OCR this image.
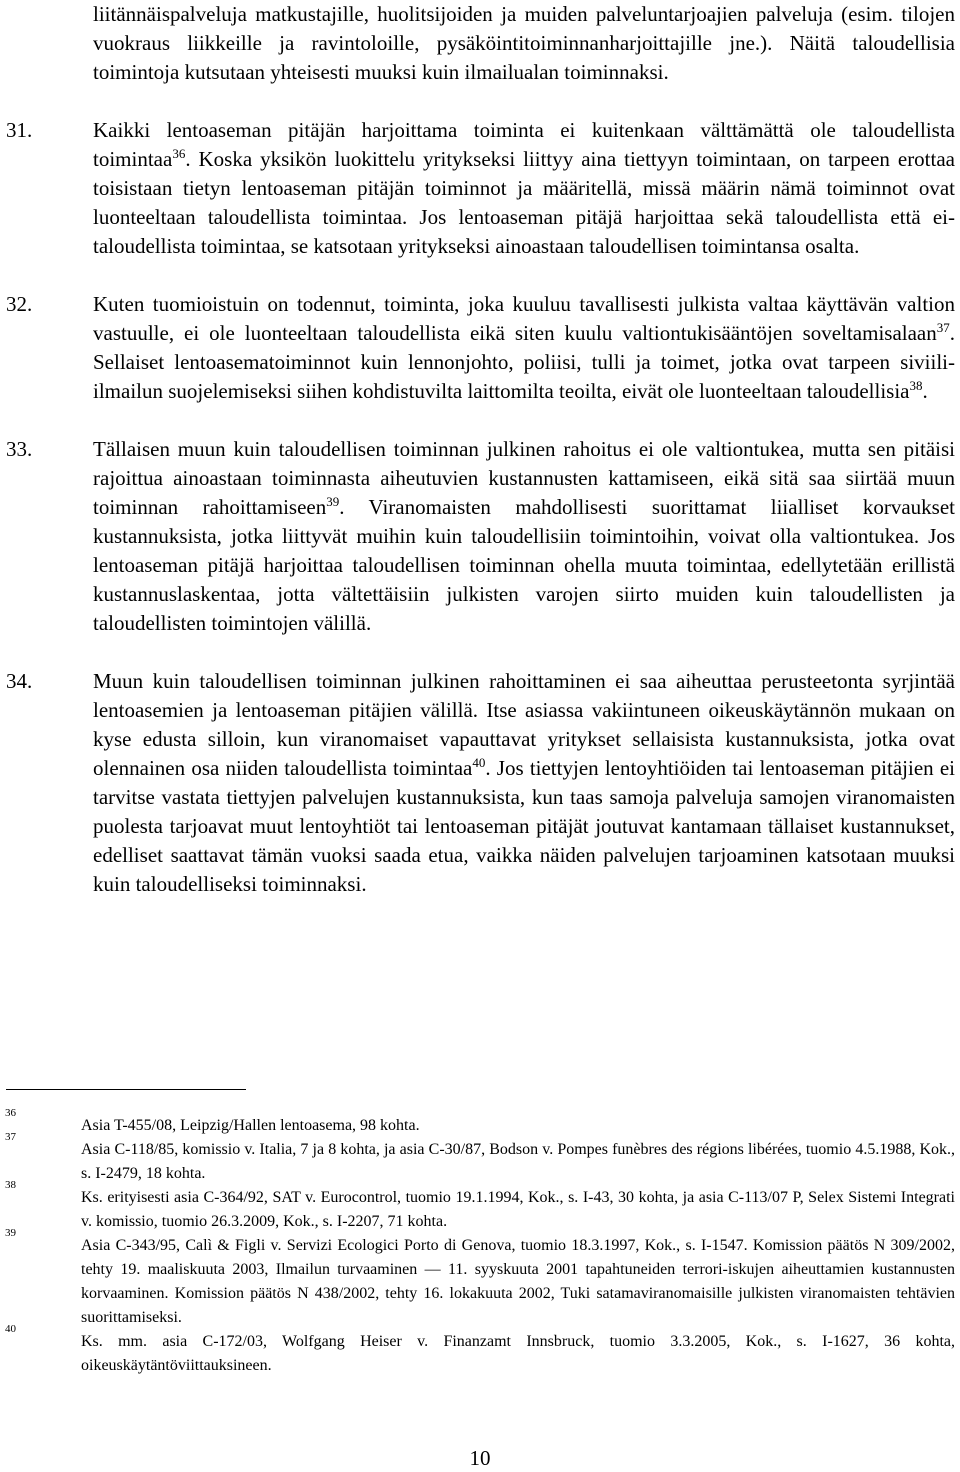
liitännäispalveluja matkustajille, huolitsijoiden ja muiden palveluntarjoajien palveluja (esim. tilojen vuokraus liikkeille ja ravintoloille, pysäköintitoiminnanharjoittajille jne.). Näitä taloudellisia toimintoja kutsutaan yhteisesti muuksi kuin ilmailualan toiminnaksi.

31.	Kaikki lentoaseman pitäjän harjoittama toiminta ei kuitenkaan välttämättä ole taloudellista toimintaa$^{36}$. Koska yksikön luokittelu yritykseksi liittyy aina tiettyyn toimintaan, on tarpeen erottaa toisistaan tietyn lentoaseman pitäjän toiminnot ja määritellä, missä määrin nämä toiminnot ovat luonteeltaan taloudellista toimintaa. Jos lentoaseman pitäjä harjoittaa sekä taloudellista että ei-taloudellista toimintaa, se katsotaan yritykseksi ainoastaan taloudellisen toimintansa osalta.

32.	Kuten tuomioistuin on todennut, toiminta, joka kuuluu tavallisesti julkista valtaa käyttävän valtion vastuulle, ei ole luonteeltaan taloudellista eikä siten kuulu valtiontukisääntöjen soveltamisalaan$^{37}$. Sellaiset lentoasematoiminnot kuin lennonjohto, poliisi, tulli ja toimet, jotka ovat tarpeen siviili-ilmailun suojelemiseksi siihen kohdistuvilta laittomilta teoilta, eivät ole luonteeltaan taloudellisia$^{38}$.

33.	Tällaisen muun kuin taloudellisen toiminnan julkinen rahoitus ei ole valtiontukea, mutta sen pitäisi rajoittua ainoastaan toiminnasta aiheutuvien kustannusten kattamiseen, eikä sitä saa siirtää muun toiminnan rahoittamiseen$^{39}$. Viranomaisten mahdollisesti suorittamat liialliset korvaukset kustannuksista, jotka liittyvät muihin kuin taloudellisiin toimintoihin, voivat olla valtiontukea. Jos lentoaseman pitäjä harjoittaa taloudellisen toiminnan ohella muuta toimintaa, edellytetään erillistä kustannuslaskentaa, jotta vältettäisiin julkisten varojen siirto muiden kuin taloudellisten ja taloudellisten toimintojen välillä.

34.	Muun kuin taloudellisen toiminnan julkinen rahoittaminen ei saa aiheuttaa perusteetonta syrjintää lentoasemien ja lentoaseman pitäjien välillä. Itse asiassa vakiintuneen oikeuskäytännön mukaan on kyse edusta silloin, kun viranomaiset vapauttavat yritykset sellaisista kustannuksista, jotka ovat olennainen osa niiden taloudellista toimintaa$^{40}$. Jos tiettyjen lentoyhtiöiden tai lentoaseman pitäjien ei tarvitse vastata tiettyjen palvelujen kustannuksista, kun taas samoja palveluja samojen viranomaisten puolesta tarjoavat muut lentoyhtiöt tai lentoaseman pitäjät joutuvat kantamaan tällaiset kustannukset, edelliset saattavat tämän vuoksi saada etua, vaikka näiden palvelujen tarjoaminen katsotaan muuksi kuin taloudelliseksi toiminnaksi.

36
Asia T-455/08, Leipzig/Hallen lentoasema, 98 kohta.

37
Asia C-118/85, komissio v. Italia, 7 ja 8 kohta, ja asia C-30/87, Bodson v. Pompes funèbres des régions libérées, tuomio 4.5.1988, Kok., s. I-2479, 18 kohta.

38
Ks. erityisesti asia C-364/92, SAT v. Eurocontrol, tuomio 19.1.1994, Kok., s. I-43, 30 kohta, ja asia C-113/07 P, Selex Sistemi Integrati v. komissio, tuomio 26.3.2009, Kok., s. I-2207, 71 kohta.

39
Asia C-343/95, Calì & Figli v. Servizi Ecologici Porto di Genova, tuomio 18.3.1997, Kok., s. I-1547. Komission päätös N 309/2002, tehty 19. maaliskuuta 2003, Ilmailun turvaaminen — 11. syyskuuta 2001 tapahtuneiden terrori-iskujen aiheuttamien kustannusten korvaaminen. Komission päätös N 438/2002, tehty 16. lokakuuta 2002, Tuki satamaviranomaisille julkisten viranomaisten tehtävien suorittamiseksi.

40
Ks. mm. asia C-172/03, Wolfgang Heiser v. Finanzamt Innsbruck, tuomio 3.3.2005, Kok., s. I-1627, 36 kohta, oikeuskäytäntöviittauksineen.

10
